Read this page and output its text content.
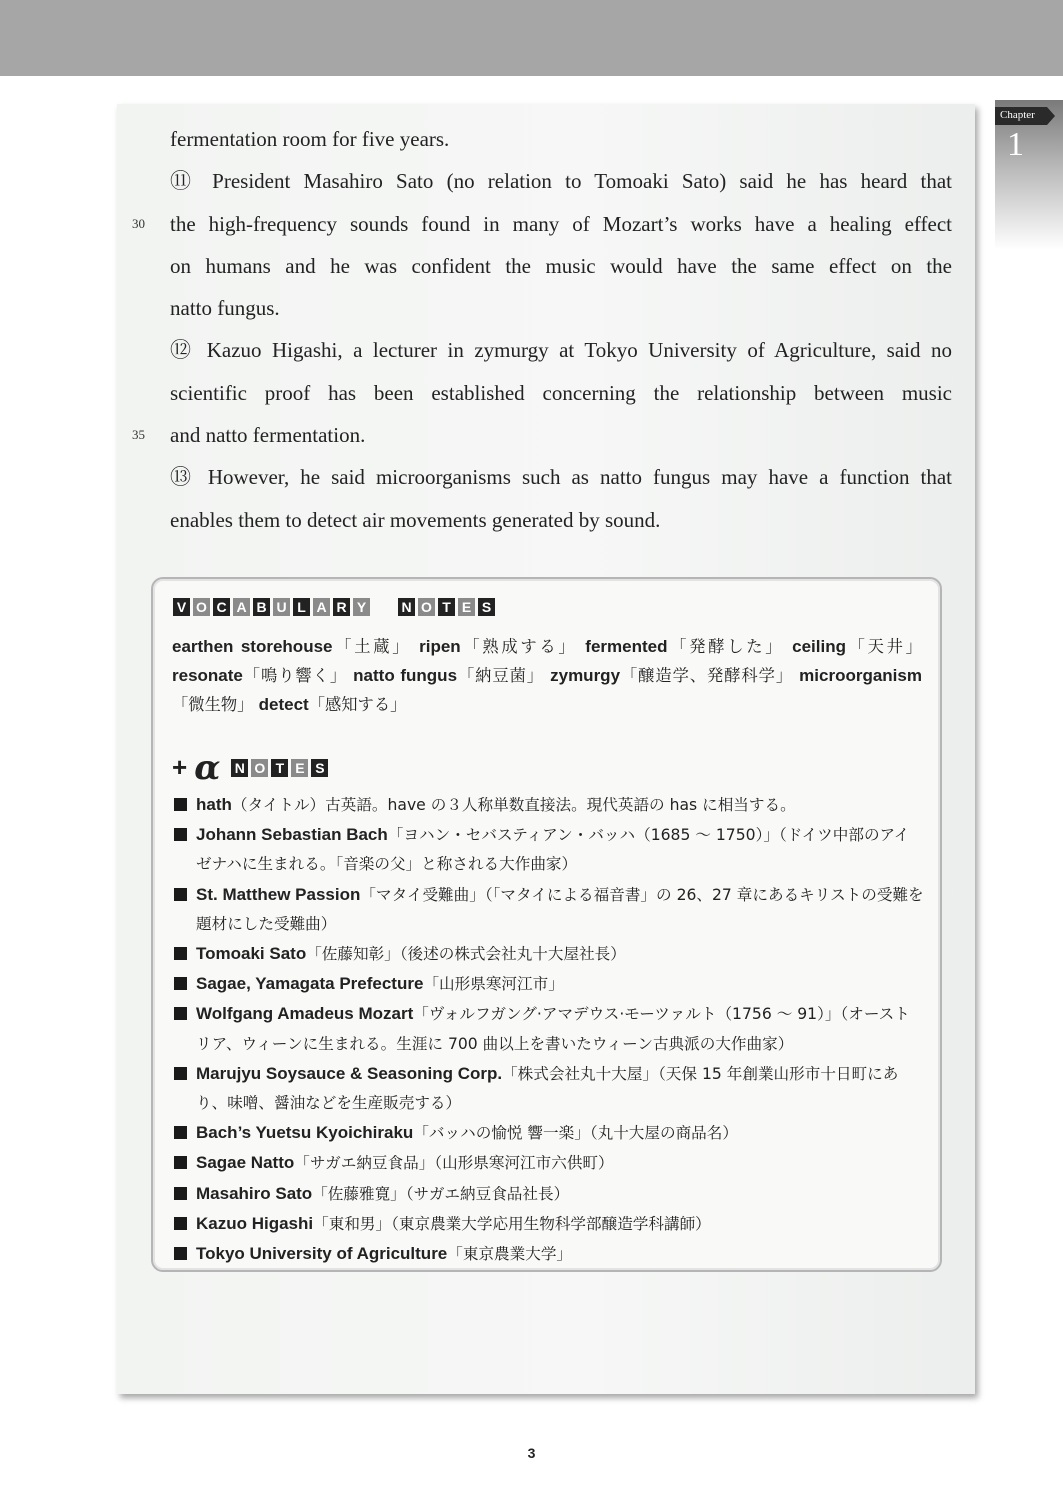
Chapter
1
fermentation room for five years.
⑪ President Masahiro Sato (no relation to Tomoaki Sato) said he has heard that
30 the high-frequency sounds found in many of Mozart’s works have a healing effect
on humans and he was confident the music would have the same effect on the
natto fungus.
⑫ Kazuo Higashi, a lecturer in zymurgy at Tokyo University of Agriculture, said no
scientific proof has been established concerning the relationship between music
35 and natto fermentation.
⑬ However, he said microorganisms such as natto fungus may have a function that
enables them to detect air movements generated by sound.
V O C A B U L A R Y	N O T E S
earthen storehouse「土蔵」 ripen「熟成する」 fermented「発酵した」 ceiling「天井」 resonate「鳴り響く」 natto fungus「納豆菌」 zymurgy「醸造学、発酵科学」 microorganism「微生物」 detect「感知する」
+ α N O T E S
hath（タイトル）古英語。have の３人称単数直接法。現代英語の has に相当する。
Johann Sebastian Bach「ヨハン・セバスティアン・バッハ（1685 〜 1750）」（ドイツ中部のアイゼナハに生まれる。「音楽の父」と称される大作曲家）
St. Matthew Passion「マタイ受難曲」（「マタイによる福音書」の 26、27 章にあるキリストの受難を題材にした受難曲）
Tomoaki Sato「佐藤知彰」（後述の株式会社丸十大屋社長）
Sagae, Yamagata Prefecture「山形県寒河江市」
Wolfgang Amadeus Mozart「ヴォルフガング·アマデウス·モーツァルト（1756 〜 91）」（オーストリア、ウィーンに生まれる。生涯に 700 曲以上を書いたウィーン古典派の大作曲家）
Marujyu Soysauce & Seasoning Corp.「株式会社丸十大屋」（天保 15 年創業山形市十日町にあり、味噌、醤油などを生産販売する）
Bach’s Yuetsu Kyoichiraku「バッハの愉悦 響一楽」（丸十大屋の商品名）
Sagae Natto「サガエ納豆食品」（山形県寒河江市六供町）
Masahiro Sato「佐藤雅寛」（サガエ納豆食品社長）
Kazuo Higashi「東和男」（東京農業大学応用生物科学部醸造学科講師）
Tokyo University of Agriculture「東京農業大学」
3
